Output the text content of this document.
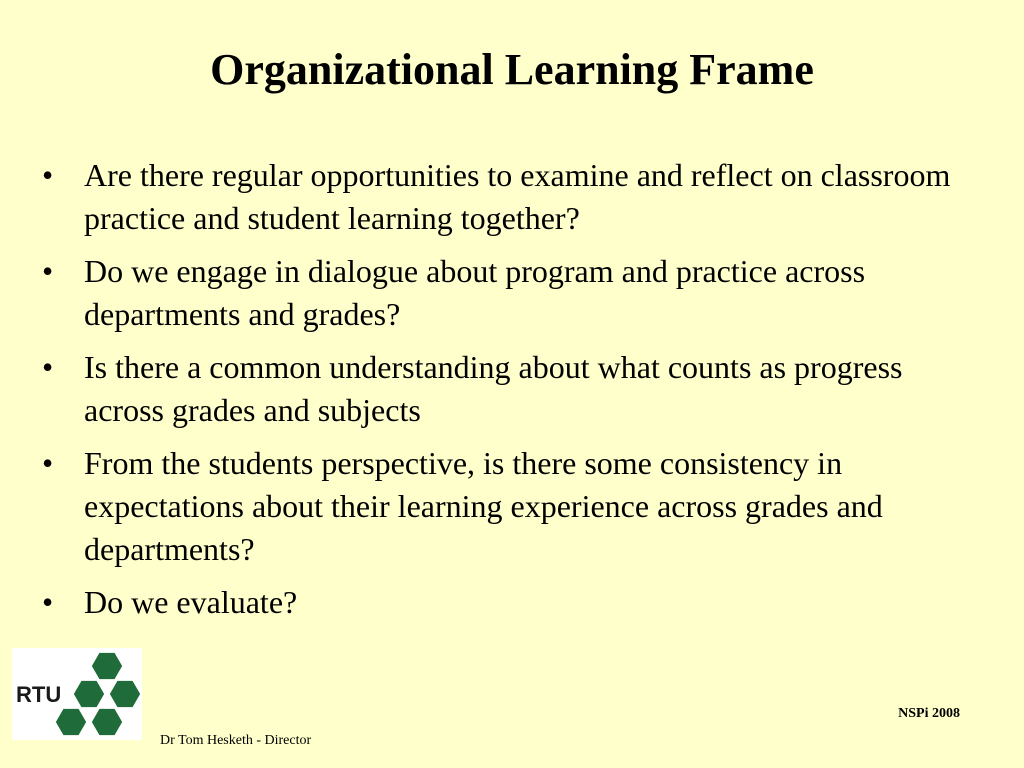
Organizational Learning Frame
• Are there regular opportunities to examine and reflect on classroom practice and student learning together?
• Do we engage in dialogue about program and practice across departments and grades?
• Is there a common understanding about what counts as progress across grades and subjects
• From the students perspective, is there some consistency in expectations about their learning experience across grades and departments?
• Do we evaluate?
RTU
Dr Tom Hesketh - Director
NSPi 2008
